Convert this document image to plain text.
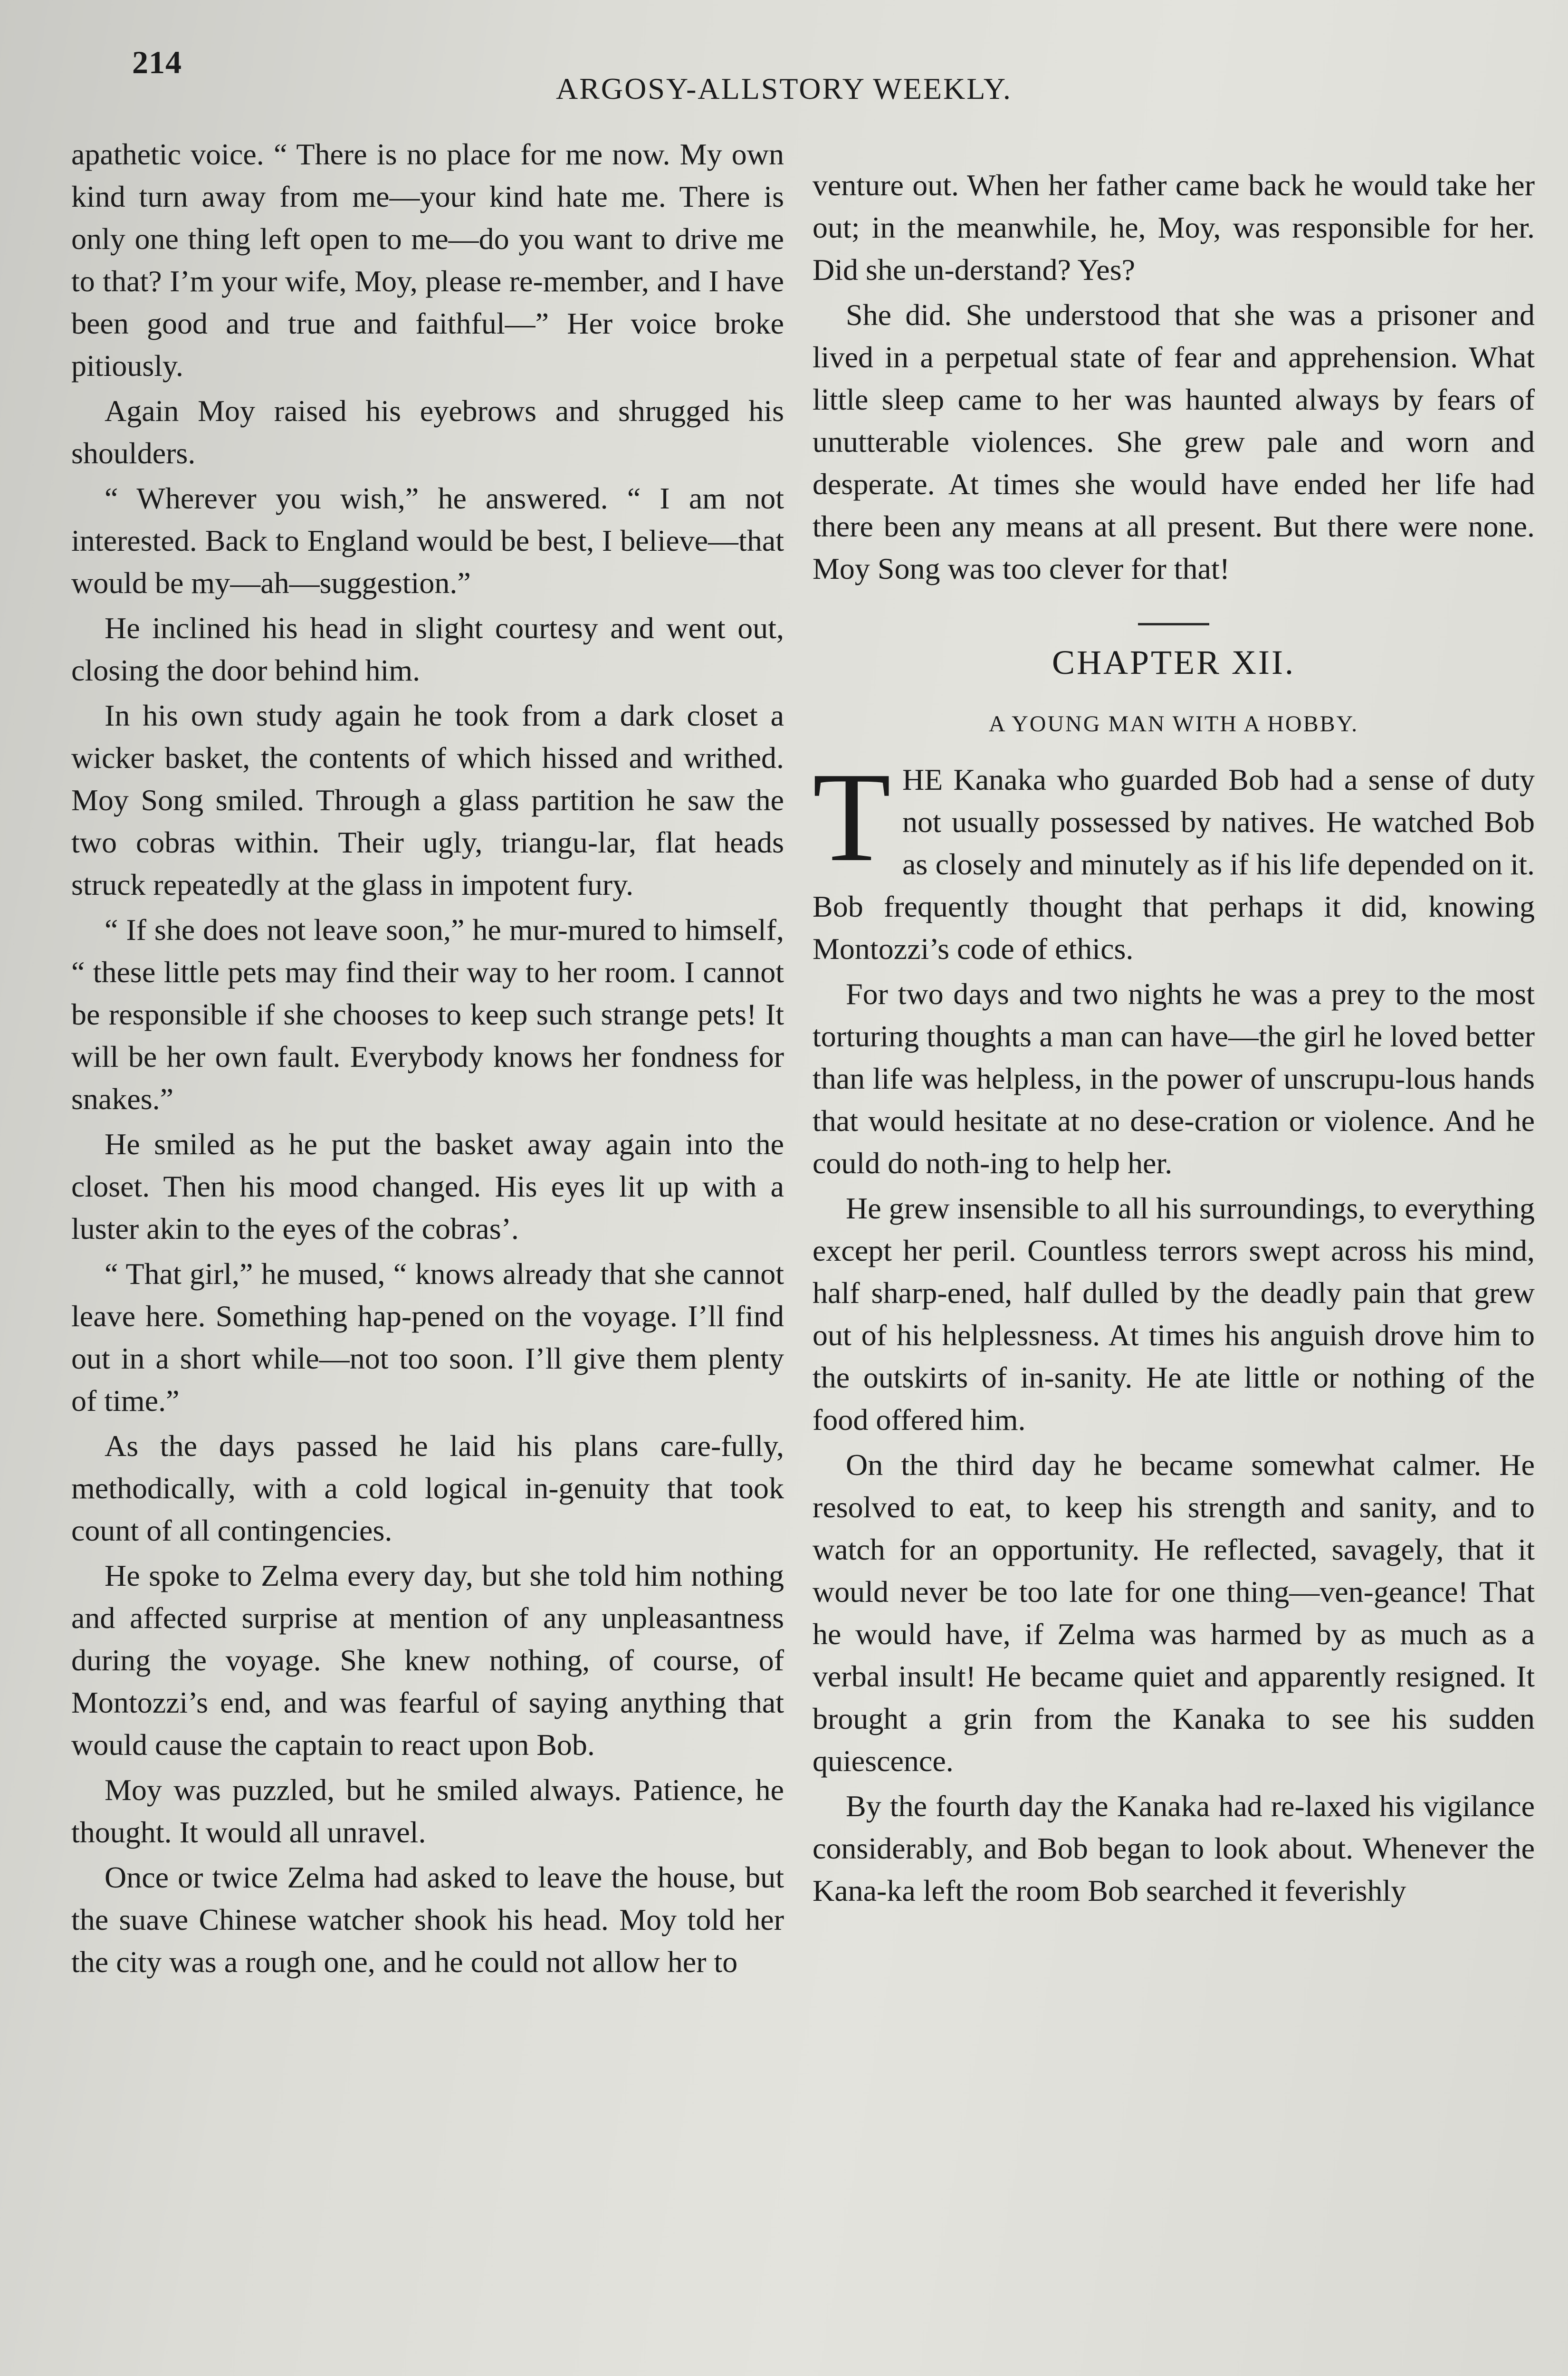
214
ARGOSY-ALLSTORY WEEKLY.

apathetic voice. “ There is no place for me now. My own kind turn away from me—your kind hate me. There is only one thing left open to me—do you want to drive me to that? I’m your wife, Moy, please re-member, and I have been good and true and faithful—” Her voice broke pitiously.

Again Moy raised his eyebrows and shrugged his shoulders.

“ Wherever you wish,” he answered. “ I am not interested. Back to England would be best, I believe—that would be my—ah—suggestion.”

He inclined his head in slight courtesy and went out, closing the door behind him.

In his own study again he took from a dark closet a wicker basket, the contents of which hissed and writhed. Moy Song smiled. Through a glass partition he saw the two cobras within. Their ugly, triangu-lar, flat heads struck repeatedly at the glass in impotent fury.

“ If she does not leave soon,” he mur-mured to himself, “ these little pets may find their way to her room. I cannot be responsible if she chooses to keep such strange pets! It will be her own fault. Everybody knows her fondness for snakes.”

He smiled as he put the basket away again into the closet. Then his mood changed. His eyes lit up with a luster akin to the eyes of the cobras’.

“ That girl,” he mused, “ knows already that she cannot leave here. Something hap-pened on the voyage. I’ll find out in a short while—not too soon. I’ll give them plenty of time.”

As the days passed he laid his plans care-fully, methodically, with a cold logical in-genuity that took count of all contingencies.

He spoke to Zelma every day, but she told him nothing and affected surprise at mention of any unpleasantness during the voyage. She knew nothing, of course, of Montozzi’s end, and was fearful of saying anything that would cause the captain to react upon Bob.

Moy was puzzled, but he smiled always. Patience, he thought. It would all unravel.

Once or twice Zelma had asked to leave the house, but the suave Chinese watcher shook his head. Moy told her the city was a rough one, and he could not allow her to

venture out. When her father came back he would take her out; in the meanwhile, he, Moy, was responsible for her. Did she un-derstand? Yes?

She did. She understood that she was a prisoner and lived in a perpetual state of fear and apprehension. What little sleep came to her was haunted always by fears of unutterable violences. She grew pale and worn and desperate. At times she would have ended her life had there been any means at all present. But there were none. Moy Song was too clever for that!

CHAPTER XII.
A YOUNG MAN WITH A HOBBY.

THE Kanaka who guarded Bob had a sense of duty not usually possessed by natives. He watched Bob as closely and minutely as if his life depended on it. Bob frequently thought that perhaps it did, knowing Montozzi’s code of ethics.

For two days and two nights he was a prey to the most torturing thoughts a man can have—the girl he loved better than life was helpless, in the power of unscrupu-lous hands that would hesitate at no dese-cration or violence. And he could do noth-ing to help her.

He grew insensible to all his surroundings, to everything except her peril. Countless terrors swept across his mind, half sharp-ened, half dulled by the deadly pain that grew out of his helplessness. At times his anguish drove him to the outskirts of in-sanity. He ate little or nothing of the food offered him.

On the third day he became somewhat calmer. He resolved to eat, to keep his strength and sanity, and to watch for an opportunity. He reflected, savagely, that it would never be too late for one thing—ven-geance! That he would have, if Zelma was harmed by as much as a verbal insult! He became quiet and apparently resigned. It brought a grin from the Kanaka to see his sudden quiescence.

By the fourth day the Kanaka had re-laxed his vigilance considerably, and Bob began to look about. Whenever the Kana-ka left the room Bob searched it feverishly
